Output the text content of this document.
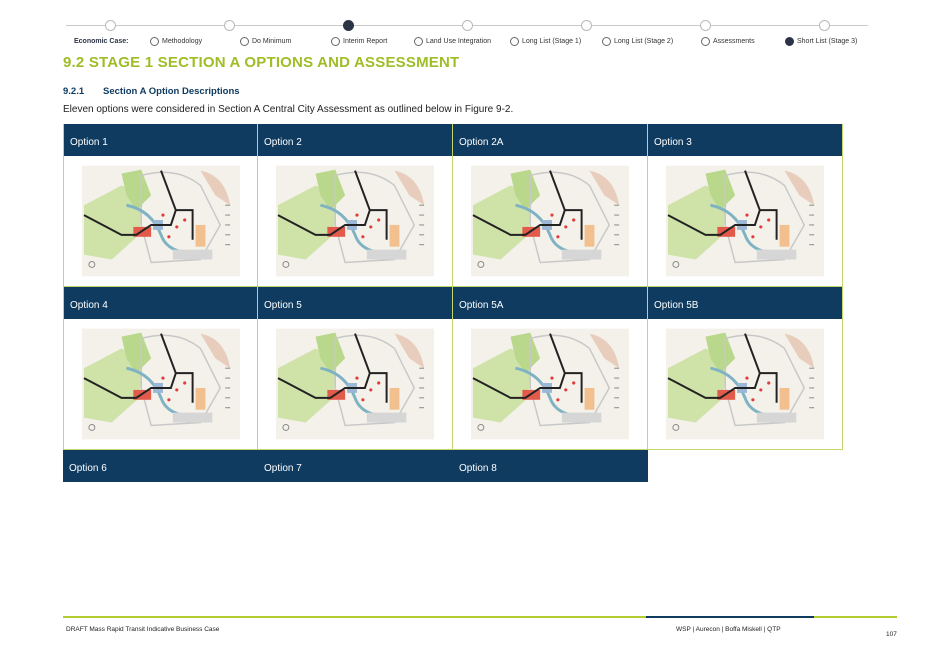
Economic Case:	Methodology	Do Minimum	Interim Report	Land Use Integration	Long List (Stage 1)	Long List (Stage 2)	Assessments	Short List (Stage 3)
9.2 STAGE 1 SECTION A OPTIONS AND ASSESSMENT
9.2.1 Section A Option Descriptions
Eleven options were considered in Section A Central City Assessment as outlined below in Figure 9-2.
Option 1	Option 2	Option 2A	Option 3
Option 4	Option 5	Option 5A	Option 5B
Option 6	Option 7	Option 8
DRAFT Mass Rapid Transit Indicative Business Case	WSP | Aurecon | Boffa Miskell | QTP
107
